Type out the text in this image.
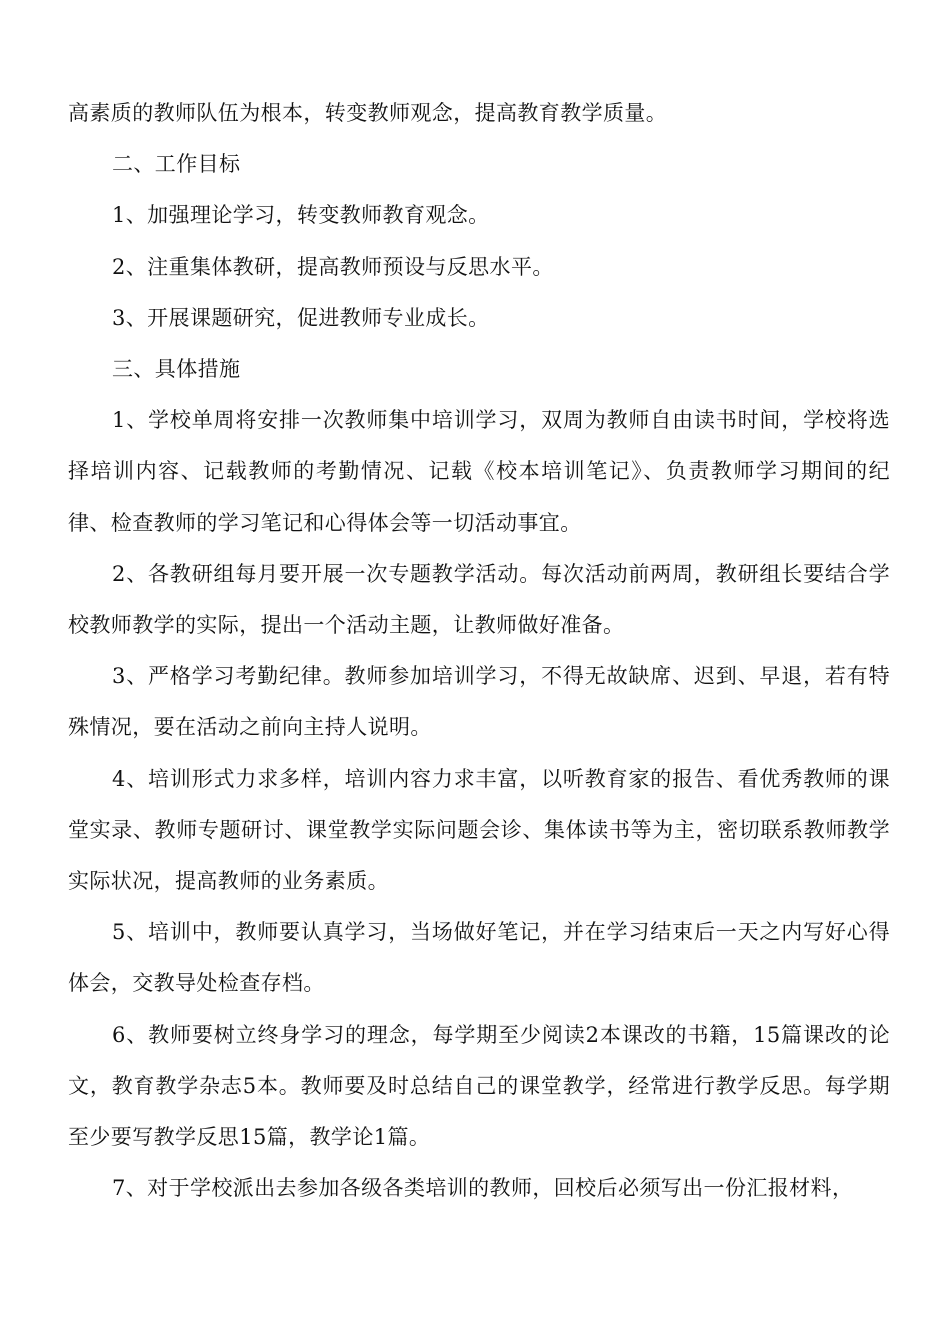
高素质的教师队伍为根本，转变教师观念，提高教育教学质量。

二、工作目标

1、加强理论学习，转变教师教育观念。

2、注重集体教研，提高教师预设与反思水平。

3、开展课题研究，促进教师专业成长。

三、具体措施

1、学校单周将安排一次教师集中培训学习，双周为教师自由读书时间，学校将选择培训内容、记载教师的考勤情况、记载《校本培训笔记》、负责教师学习期间的纪律、检查教师的学习笔记和心得体会等一切活动事宜。

2、各教研组每月要开展一次专题教学活动。每次活动前两周，教研组长要结合学校教师教学的实际，提出一个活动主题，让教师做好准备。

3、严格学习考勤纪律。教师参加培训学习，不得无故缺席、迟到、早退，若有特殊情况，要在活动之前向主持人说明。

4、培训形式力求多样，培训内容力求丰富，以听教育家的报告、看优秀教师的课堂实录、教师专题研讨、课堂教学实际问题会诊、集体读书等为主，密切联系教师教学实际状况，提高教师的业务素质。

5、培训中，教师要认真学习，当场做好笔记，并在学习结束后一天之内写好心得体会，交教导处检查存档。

6、教师要树立终身学习的理念，每学期至少阅读2本课改的书籍，15篇课改的论文，教育教学杂志5本。教师要及时总结自己的课堂教学，经常进行教学反思。每学期至少要写教学反思15篇，教学论1篇。

7、对于学校派出去参加各级各类培训的教师，回校后必须写出一份汇报材料，
